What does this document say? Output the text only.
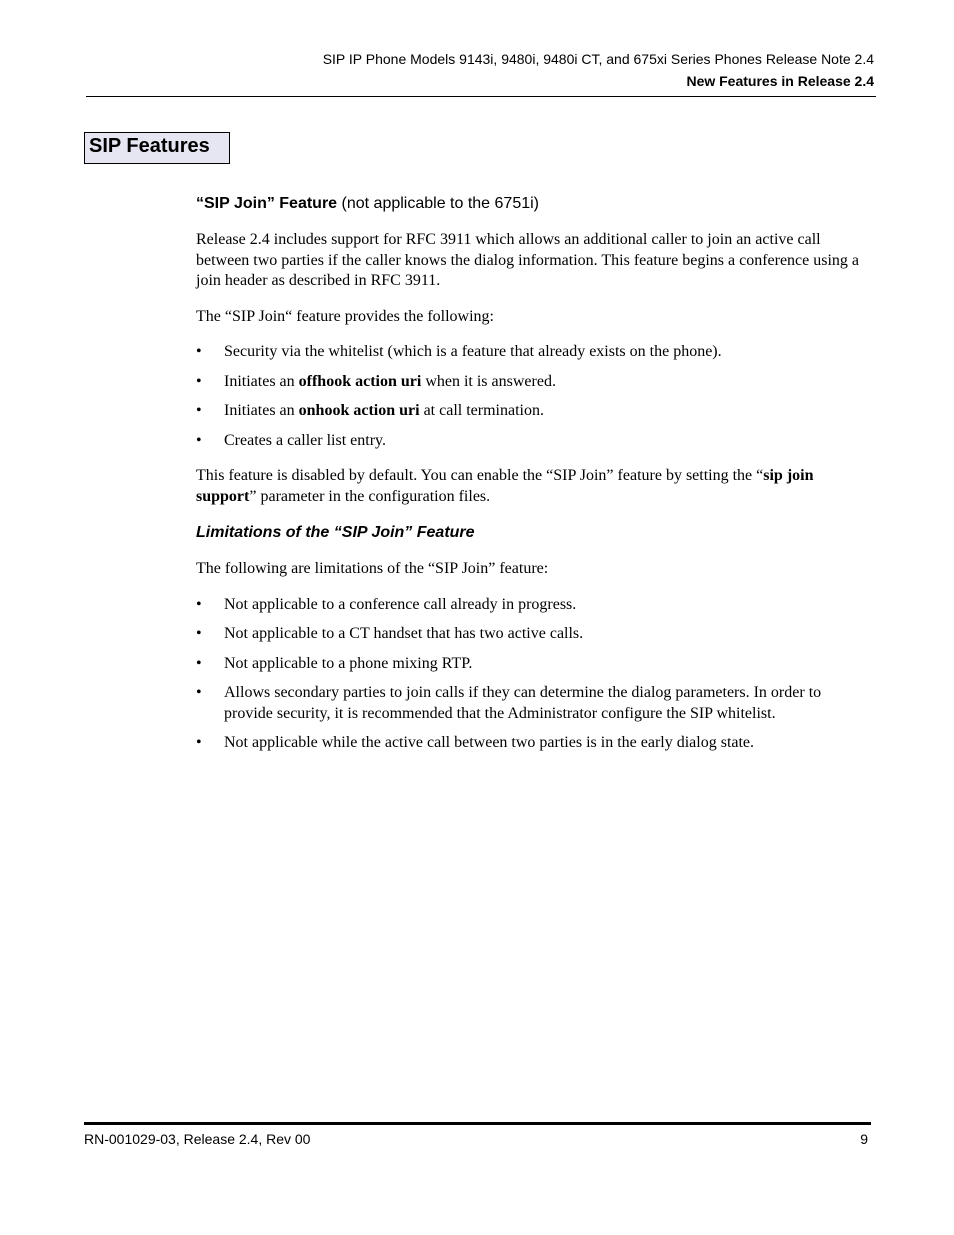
SIP IP Phone Models 9143i, 9480i, 9480i CT, and 675xi Series Phones Release Note 2.4
New Features in Release 2.4
SIP Features
“SIP Join” Feature (not applicable to the 6751i)

Release 2.4 includes support for RFC 3911 which allows an additional caller to join an active call between two parties if the caller knows the dialog information. This feature begins a conference using a join header as described in RFC 3911.

The “SIP Join“ feature provides the following:

• Security via the whitelist (which is a feature that already exists on the phone).
• Initiates an offhook action uri when it is answered.
• Initiates an onhook action uri at call termination.
• Creates a caller list entry.

This feature is disabled by default. You can enable the “SIP Join” feature by setting the “sip join support” parameter in the configuration files.

Limitations of the “SIP Join” Feature

The following are limitations of the “SIP Join” feature:

• Not applicable to a conference call already in progress.
• Not applicable to a CT handset that has two active calls.
• Not applicable to a phone mixing RTP.
• Allows secondary parties to join calls if they can determine the dialog parameters. In order to provide security, it is recommended that the Administrator configure the SIP whitelist.
• Not applicable while the active call between two parties is in the early dialog state.
RN-001029-03, Release 2.4, Rev 00	9
